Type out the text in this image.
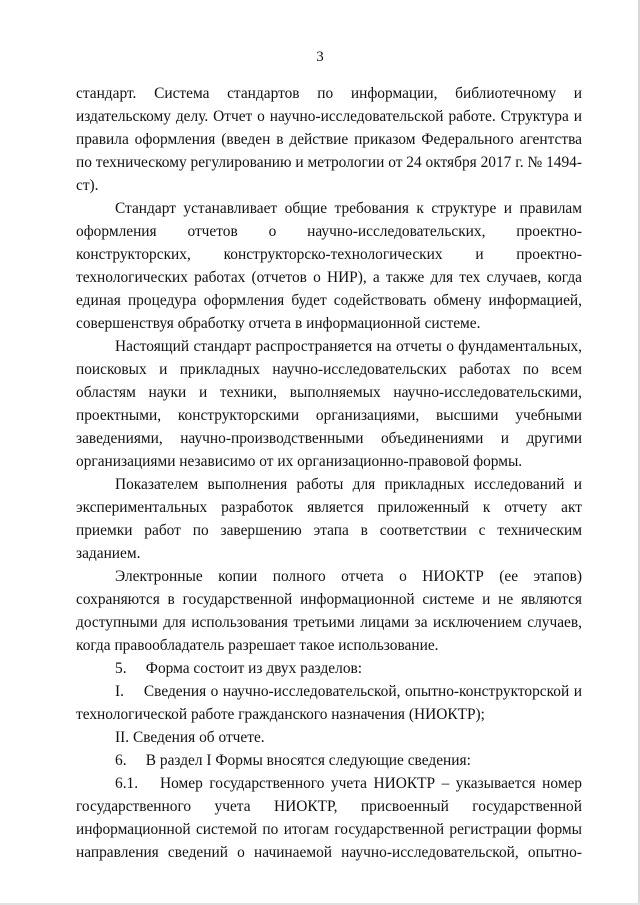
3

стандарт. Система стандартов по информации, библиотечному и издательскому делу. Отчет о научно-исследовательской работе. Структура и правила оформления (введен в действие приказом Федерального агентства по техническому регулированию и метрологии от 24 октября 2017 г. № 1494-ст).

Стандарт устанавливает общие требования к структуре и правилам оформления отчетов о научно-исследовательских, проектно-конструкторских, конструкторско-технологических и проектно-технологических работах (отчетов о НИР), а также для тех случаев, когда единая процедура оформления будет содействовать обмену информацией, совершенствуя обработку отчета в информационной системе.

Настоящий стандарт распространяется на отчеты о фундаментальных, поисковых и прикладных научно-исследовательских работах по всем областям науки и техники, выполняемых научно-исследовательскими, проектными, конструкторскими организациями, высшими учебными заведениями, научно-производственными объединениями и другими организациями независимо от их организационно-правовой формы.

Показателем выполнения работы для прикладных исследований и экспериментальных разработок является приложенный к отчету акт приемки работ по завершению этапа в соответствии с техническим заданием.

Электронные копии полного отчета о НИОКТР (ее этапов) сохраняются в государственной информационной системе и не являются доступными для использования третьими лицами за исключением случаев, когда правообладатель разрешает такое использование.

5.  Форма состоит из двух разделов:

I.  Сведения о научно-исследовательской, опытно-конструкторской и технологической работе гражданского назначения (НИОКТР);

II. Сведения об отчете.

6.  В раздел I Формы вносятся следующие сведения:

6.1.  Номер государственного учета НИОКТР – указывается номер государственного учета НИОКТР, присвоенный государственной информационной системой по итогам государственной регистрации формы направления сведений о начинаемой научно-исследовательской, опытно-
